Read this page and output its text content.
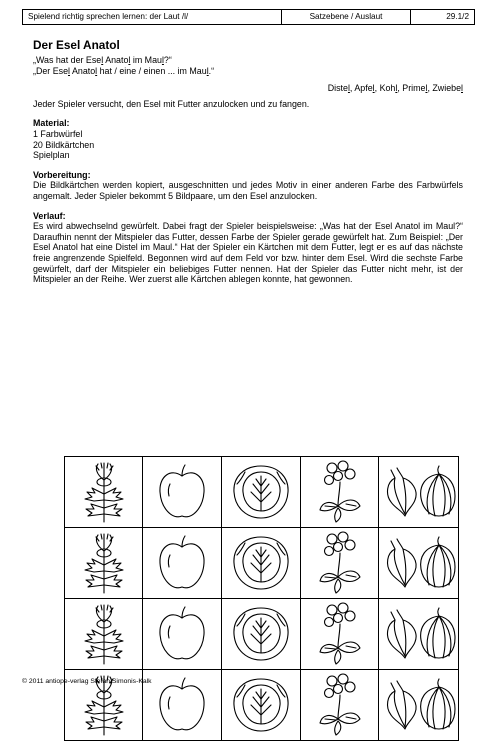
Spielend richtig sprechen lernen: der Laut /l/	Satzebene / Auslaut	29.1/2

Der Esel Anatol

„Was hat der Esel Anatol im Maul?“

„Der Esel Anatol hat / eine / einen ... im Maul.“

Distel, Apfel, Kohl, Primel, Zwiebel

Jeder Spieler versucht, den Esel mit Futter anzulocken und zu fangen.

Material:

1 Farbwürfel

20 Bildkärtchen

Spielplan

Vorbereitung:

Die Bildkärtchen werden kopiert, ausgeschnitten und jedes Motiv in einer anderen Farbe des Farbwürfels angemalt. Jeder Spieler bekommt 5 Bildpaare, um den Esel anzulocken.

Verlauf:

Es wird abwechselnd gewürfelt. Dabei fragt der Spieler beispielsweise: „Was hat der Esel Anatol im Maul?“ Daraufhin nennt der Mitspieler das Futter, dessen Farbe der Spieler gerade gewürfelt hat. Zum Beispiel: „Der Esel Anatol hat eine Distel im Maul.“ Hat der Spieler ein Kärtchen mit dem Futter, legt er es auf das nächste freie angrenzende Spielfeld. Begonnen wird auf dem Feld vor bzw. hinter dem Esel. Wird die sechste Farbe gewürfelt, darf der Mitspieler ein beliebiges Futter nennen. Hat der Spieler das Futter nicht mehr, ist der Mitspieler an der Reihe. Wer zuerst alle Kärtchen ablegen konnte, hat gewonnen.

© 2011 antiope-verlag Stefan Simonis-Kalk
